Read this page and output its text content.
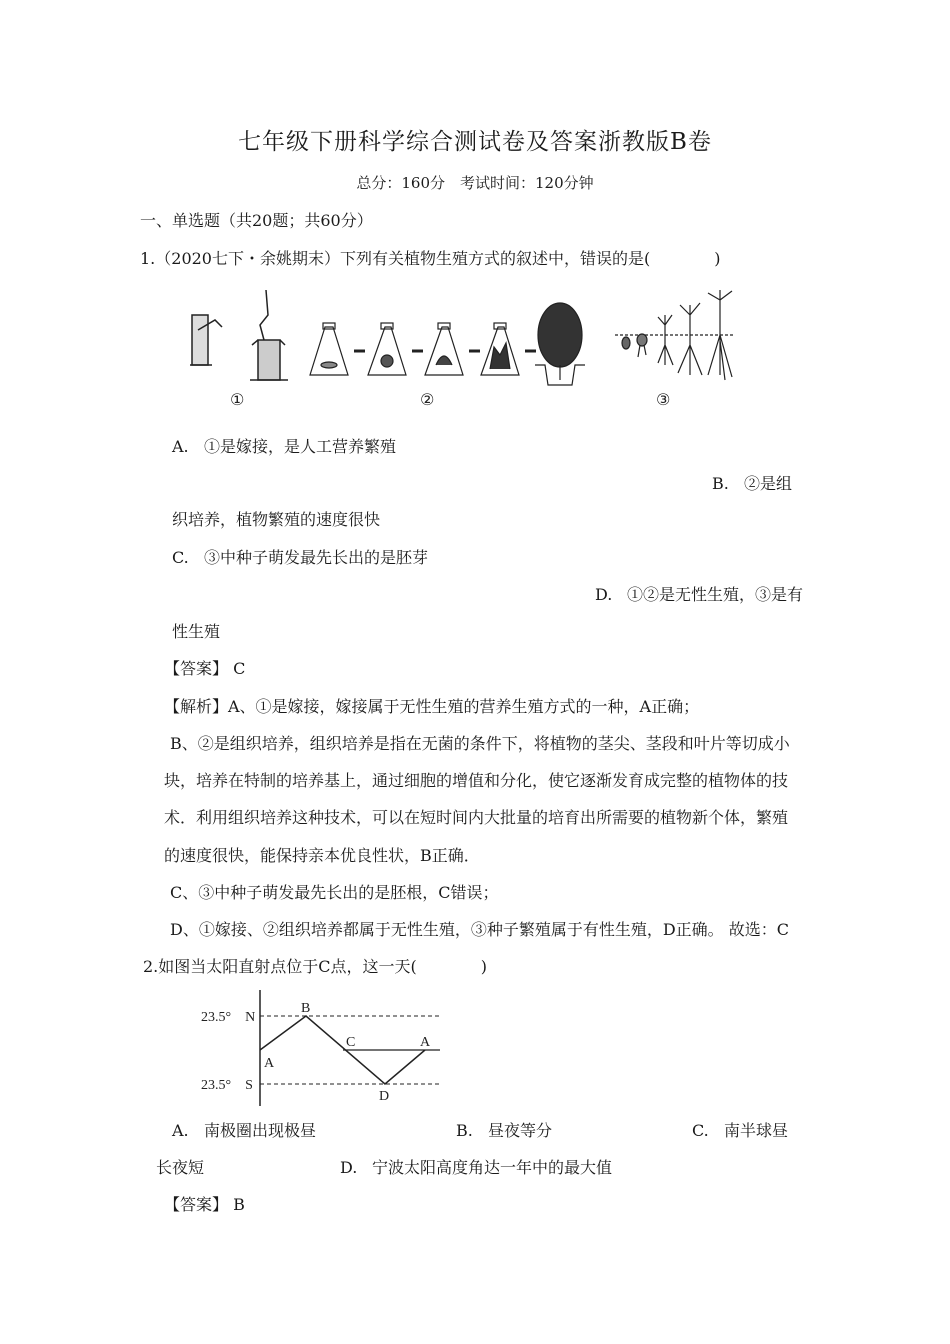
七年级下册科学综合测试卷及答案浙教版B卷
总分：160分　考试时间：120分钟
一、单选题（共20题；共60分）
1.（2020七下・余姚期末）下列有关植物生殖方式的叙述中，错误的是(　　　　)
①	②	③
A. ①是嫁接，是人工营养繁殖
B. ②是组
织培养，植物繁殖的速度很快
C. ③中种子萌发最先长出的是胚芽
D. ①②是无性生殖，③是有
性生殖
【答案】 C
【解析】A、①是嫁接，嫁接属于无性生殖的营养生殖方式的一种，A正确；
B、②是组织培养，组织培养是指在无菌的条件下，将植物的茎尖、茎段和叶片等切成小
块，培养在特制的培养基上，通过细胞的增值和分化，使它逐渐发育成完整的植物体的技
术．利用组织培养这种技术，可以在短时间内大批量的培育出所需要的植物新个体，繁殖
的速度很快，能保持亲本优良性状，B正确．
C、③中种子萌发最先长出的是胚根，C错误；
D、①嫁接、②组织培养都属于无性生殖，③种子繁殖属于有性生殖，D正确。 故选：C
2.如图当太阳直射点位于C点，这一天(　　　　)
23.5°　N
23.5°　S
A
B
C
D
A
A. 南极圈出现极昼	B. 昼夜等分	C. 南半球昼
长夜短	D. 宁波太阳高度角达一年中的最大值
【答案】 B
